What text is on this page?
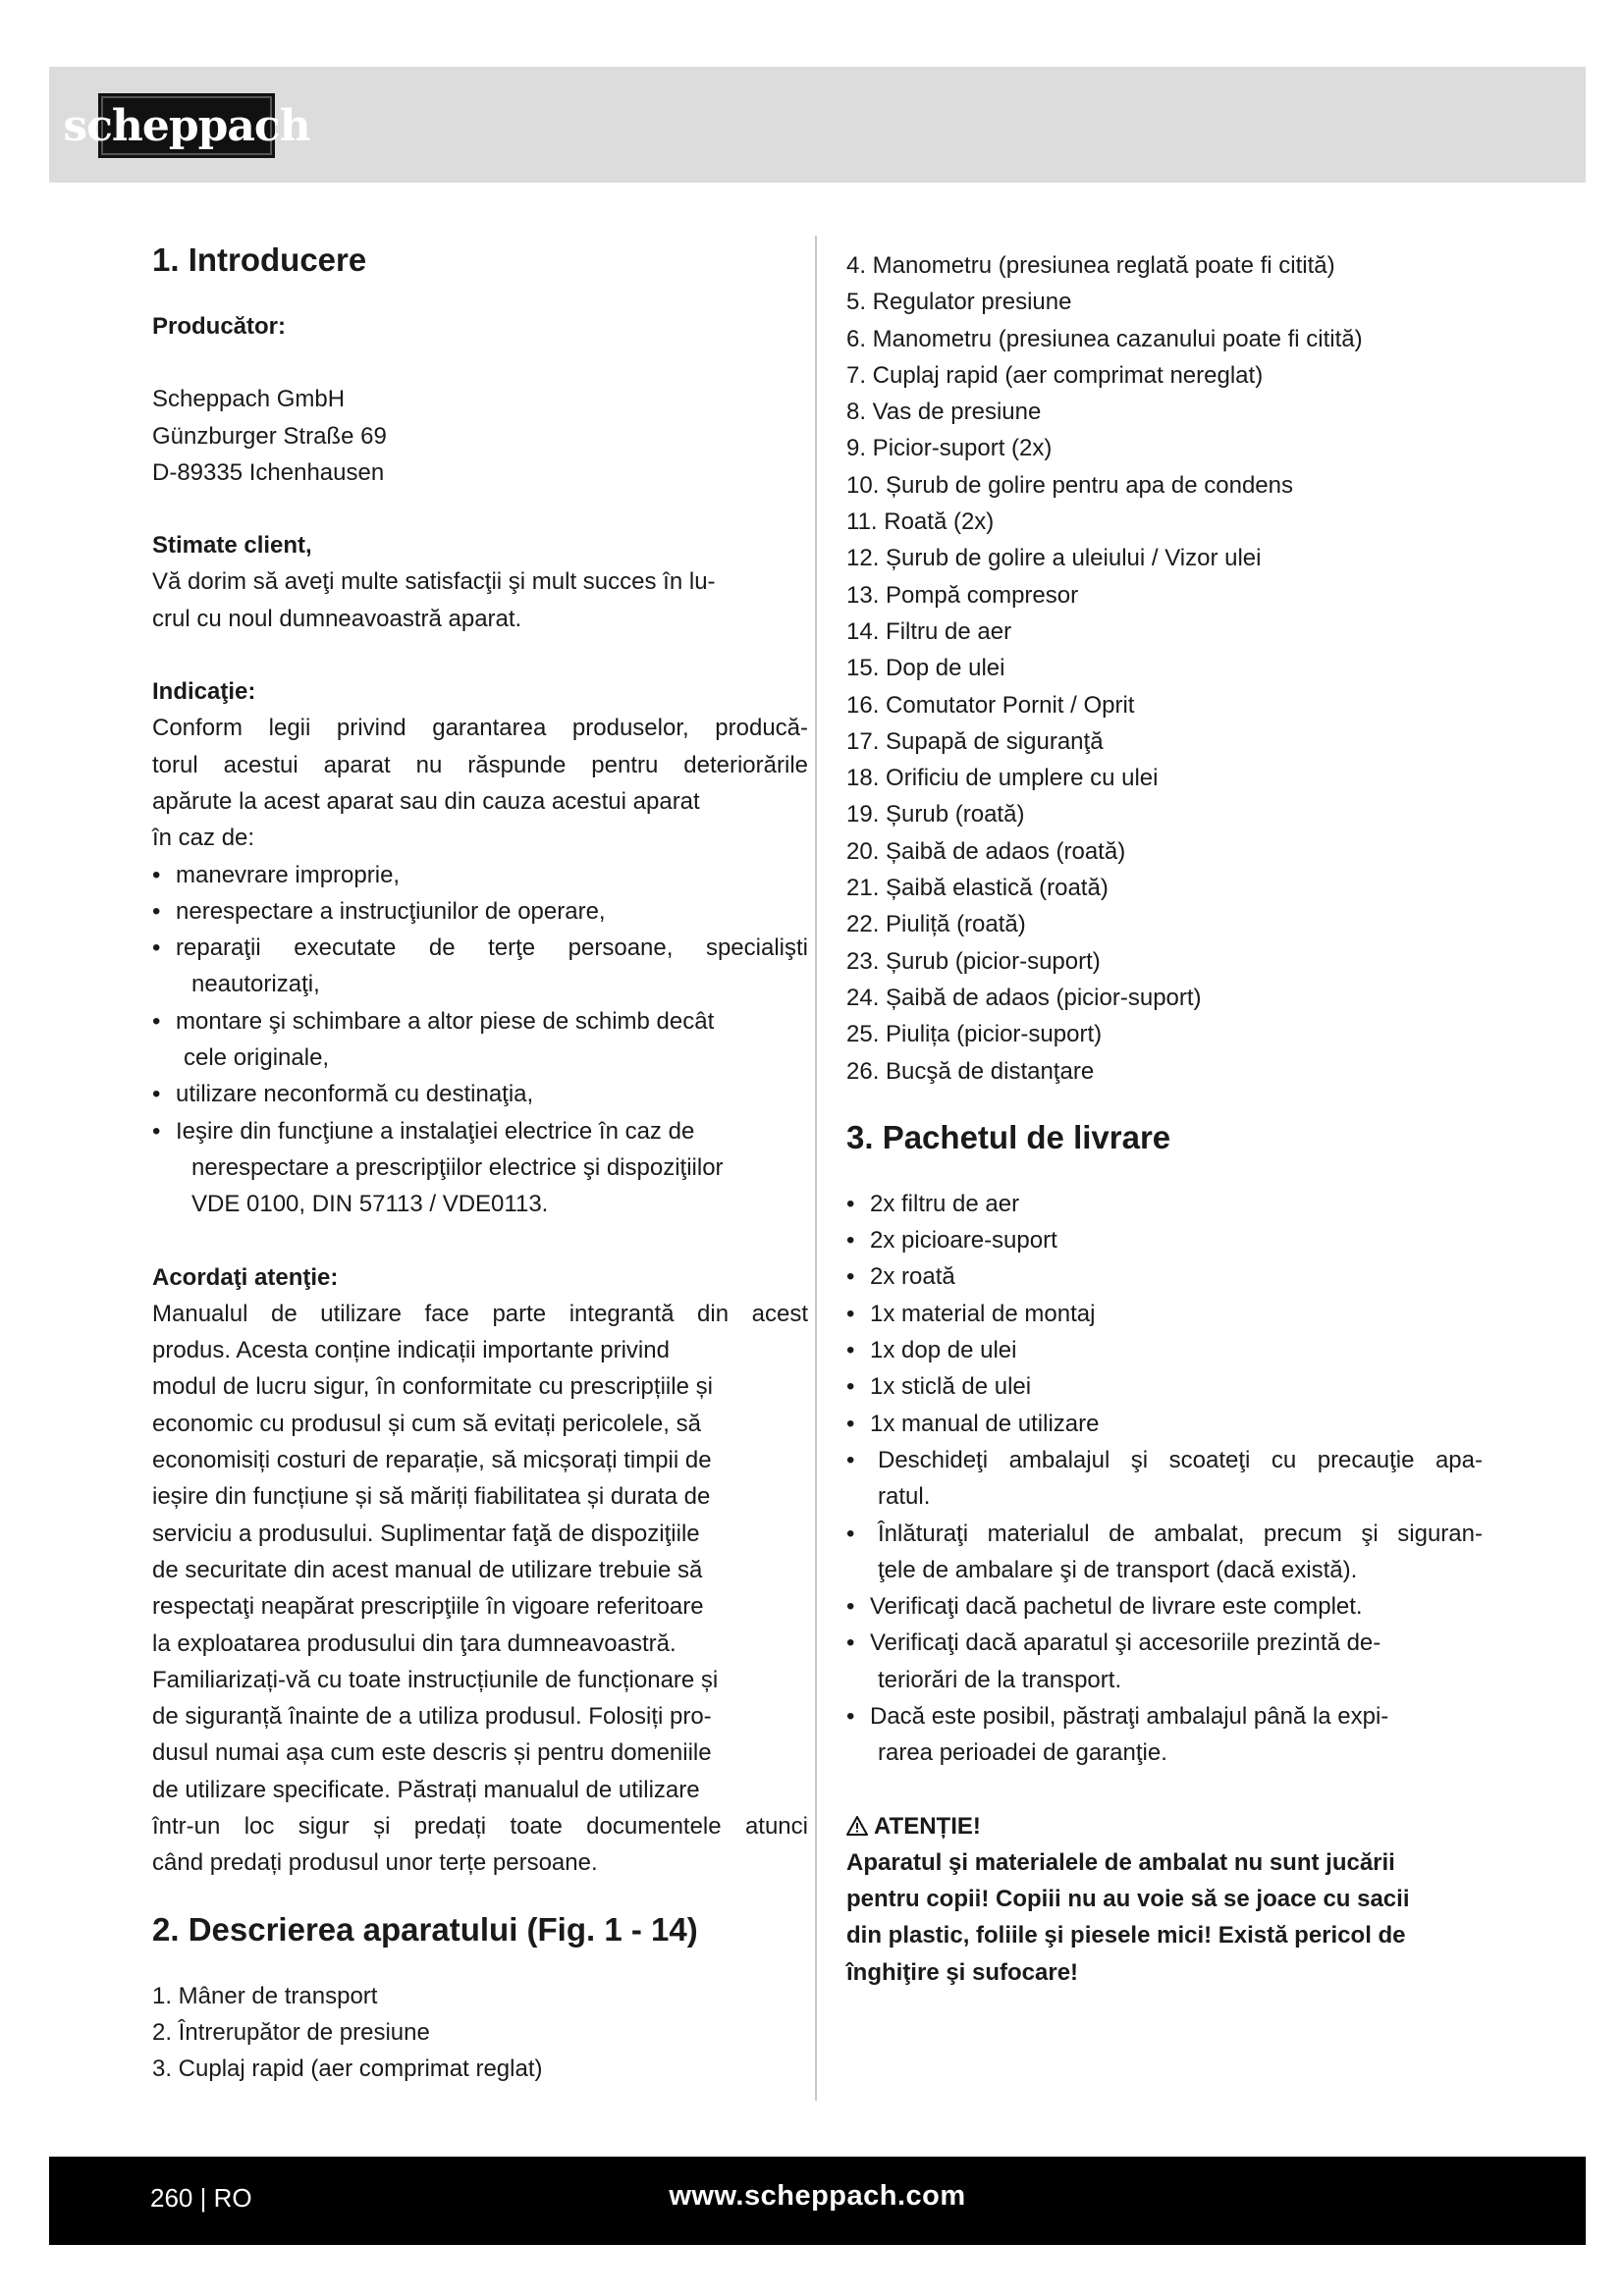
scheppach
1. Introducere
Producător:
Scheppach GmbH
Günzburger Straße 69
D-89335 Ichenhausen
Stimate client,
Vă dorim să aveţi multe satisfacţii şi mult succes în lu-
crul cu noul dumneavoastră aparat.
Indicaţie:
Conform legii privind garantarea produselor, producă-
torul acestui aparat nu răspunde pentru deteriorările
apărute la acest aparat sau din cauza acestui aparat
în caz de:
• manevrare improprie,
• nerespectare a instrucţiunilor de operare,
• reparaţii executate de terţe persoane, specialişti
neautorizaţi,
• montare şi schimbare a altor piese de schimb decât
cele originale,
• utilizare neconformă cu destinaţia,
• Ieşire din funcţiune a instalaţiei electrice în caz de
nerespectare a prescripţiilor electrice şi dispoziţiilor
VDE 0100, DIN 57113 / VDE0113.
Acordaţi atenţie:
Manualul de utilizare face parte integrantă din acest
produs. Acesta conține indicații importante privind
modul de lucru sigur, în conformitate cu prescripțiile și
economic cu produsul și cum să evitați pericolele, să
economisiți costuri de reparație, să micșorați timpii de
ieșire din funcțiune și să măriți fiabilitatea și durata de
serviciu a produsului. Suplimentar faţă de dispoziţiile
de securitate din acest manual de utilizare trebuie să
respectaţi neapărat prescripţiile în vigoare referitoare
la exploatarea produsului din ţara dumneavoastră.
Familiarizați-vă cu toate instrucțiunile de funcționare și
de siguranță înainte de a utiliza produsul. Folosiți pro-
dusul numai așa cum este descris și pentru domeniile
de utilizare specificate. Păstrați manualul de utilizare
într-un loc sigur și predați toate documentele atunci
când predați produsul unor terțe persoane.
2. Descrierea aparatului (Fig. 1 - 14)
1. Mâner de transport
2. Întrerupător de presiune
3. Cuplaj rapid (aer comprimat reglat)
4. Manometru (presiunea reglată poate fi citită)
5. Regulator presiune
6. Manometru (presiunea cazanului poate fi citită)
7. Cuplaj rapid (aer comprimat nereglat)
8. Vas de presiune
9. Picior-suport (2x)
10. Șurub de golire pentru apa de condens
11. Roată (2x)
12. Șurub de golire a uleiului / Vizor ulei
13. Pompă compresor
14. Filtru de aer
15. Dop de ulei
16. Comutator Pornit / Oprit
17. Supapă de siguranţă
18. Orificiu de umplere cu ulei
19. Șurub (roată)
20. Șaibă de adaos (roată)
21. Șaibă elastică (roată)
22. Piuliță (roată)
23. Șurub (picior-suport)
24. Șaibă de adaos (picior-suport)
25. Piulița (picior-suport)
26. Bucşă de distanţare
3. Pachetul de livrare
• 2x filtru de aer
• 2x picioare-suport
• 2x roată
• 1x material de montaj
• 1x dop de ulei
• 1x sticlă de ulei
• 1x manual de utilizare
• Deschideţi ambalajul şi scoateţi cu precauţie apa-
ratul.
• Înlăturaţi materialul de ambalat, precum şi siguran-
ţele de ambalare şi de transport (dacă există).
• Verificaţi dacă pachetul de livrare este complet.
• Verificaţi dacă aparatul şi accesoriile prezintă de-
teriorări de la transport.
• Dacă este posibil, păstraţi ambalajul până la expi-
rarea perioadei de garanţie.
ATENȚIE!
Aparatul şi materialele de ambalat nu sunt jucării
pentru copii! Copiii nu au voie să se joace cu sacii
din plastic, foliile şi piesele mici! Există pericol de
înghiţire şi sufocare!
260 | RO	www.scheppach.com
